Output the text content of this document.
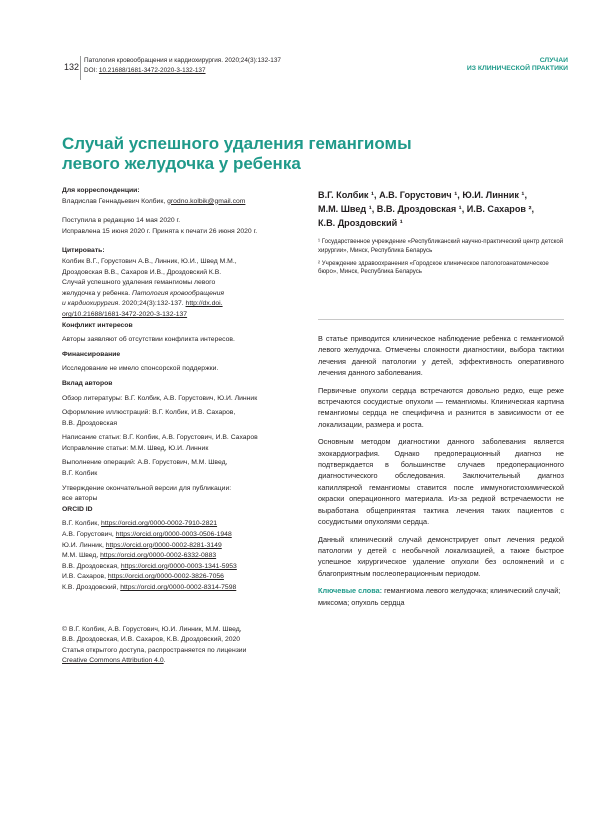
132
Патология кровообращения и кардиохирургия. 2020;24(3):132-137
DOI: 10.21688/1681-3472-2020-3-132-137
СЛУЧАИ
ИЗ КЛИНИЧЕСКОЙ ПРАКТИКИ
Случай успешного удаления гемангиомы
левого желудочка у ребенка

Для корреспонденции:

Владислав Геннадьевич Колбик, grodno.kolbik@gmail.com

Поступила в редакцию 14 мая 2020 г.

Исправлена 15 июня 2020 г. Принята к печати 26 июня 2020 г.

Цитировать:

Колбик В.Г., Горустович А.В., Линник, Ю.И., Швед М.М.,

Дроздовская В.В., Сахаров И.В., Дроздовский К.В.

Случай успешного удаления гемангиомы левого

желудочка у ребенка. Патология кровообращения

и кардиохирургия. 2020;24(3):132-137. http://dx.doi.

org/10.21688/1681-3472-2020-3-132-137

Конфликт интересов

Авторы заявляют об отсутствии конфликта интересов.

Финансирование

Исследование не имело спонсорской поддержки.

Вклад авторов

Обзор литературы: В.Г. Колбик, А.В. Горустович, Ю.И. Линник

Оформление иллюстраций: В.Г. Колбик, И.В. Сахаров,

В.В. Дроздовская

Написание статьи: В.Г. Колбик, А.В. Горустович, И.В. Сахаров

Исправление статьи: М.М. Швед, Ю.И. Линник

Выполнение операций: А.В. Горустович, М.М. Швед,

В.Г. Колбик

Утверждение окончательной версии для публикации:

все авторы

ORCID ID

В.Г. Колбик, https://orcid.org/0000-0002-7910-2821

А.В. Горустович, https://orcid.org/0000-0003-0506-1948

Ю.И. Линник, https://orcid.org/0000-0002-8281-3149

М.М. Швед, https://orcid.org/0000-0002-6332-0883

В.В. Дроздовская, https://orcid.org/0000-0003-1341-5953

И.В. Сахаров, https://orcid.org/0000-0002-3826-7056

К.В. Дроздовский, https://orcid.org/0000-0002-8314-7598

© В.Г. Колбик, А.В. Горустович, Ю.И. Линник, М.М. Швед,

В.В. Дроздовская, И.В. Сахаров, К.В. Дроздовский, 2020

Статья открытого доступа, распространяется по лицензии

Creative Commons Attribution 4.0.

В.Г. Колбик ¹, А.В. Горустович ¹, Ю.И. Линник ¹,
М.М. Швед ¹, В.В. Дроздовская ¹, И.В. Сахаров ²,
К.В. Дроздовский ¹

¹ Государственное учреждение «Республиканский научно-практический центр детской хирургии», Минск, Республика Беларусь

² Учреждение здравоохранения «Городское клиническое патологоанатомическое бюро», Минск, Республика Беларусь

В статье приводится клиническое наблюдение ребенка с гемангиомой левого желудочка. Отмечены сложности диагностики, выбора тактики лечения данной патологии у детей, эффективность оперативного лечения данного заболевания.

Первичные опухоли сердца встречаются довольно редко, еще реже встречаются сосудистые опухоли — гемангиомы. Клиническая картина гемангиомы сердца не специфична и разнится в зависимости от ее локализации, размера и роста.

Основным методом диагностики данного заболевания является эхокардиография. Однако предоперационный диагноз не подтверждается в большинстве случаев предоперационного диагностического обследования. Заключительный диагноз капиллярной гемангиомы ставится после иммуногистохимической окраски операционного материала. Из-за редкой встречаемости не выработана общепринятая тактика лечения таких пациентов с сосудистыми опухолями сердца.

Данный клинический случай демонстрирует опыт лечения редкой патологии у детей с необычной локализацией, а также быстрое успешное хирургическое удаление опухоли без осложнений и с благоприятным послеоперационным периодом.

Ключевые слова: гемангиома левого желудочка; клинический случай; миксома; опухоль сердца
